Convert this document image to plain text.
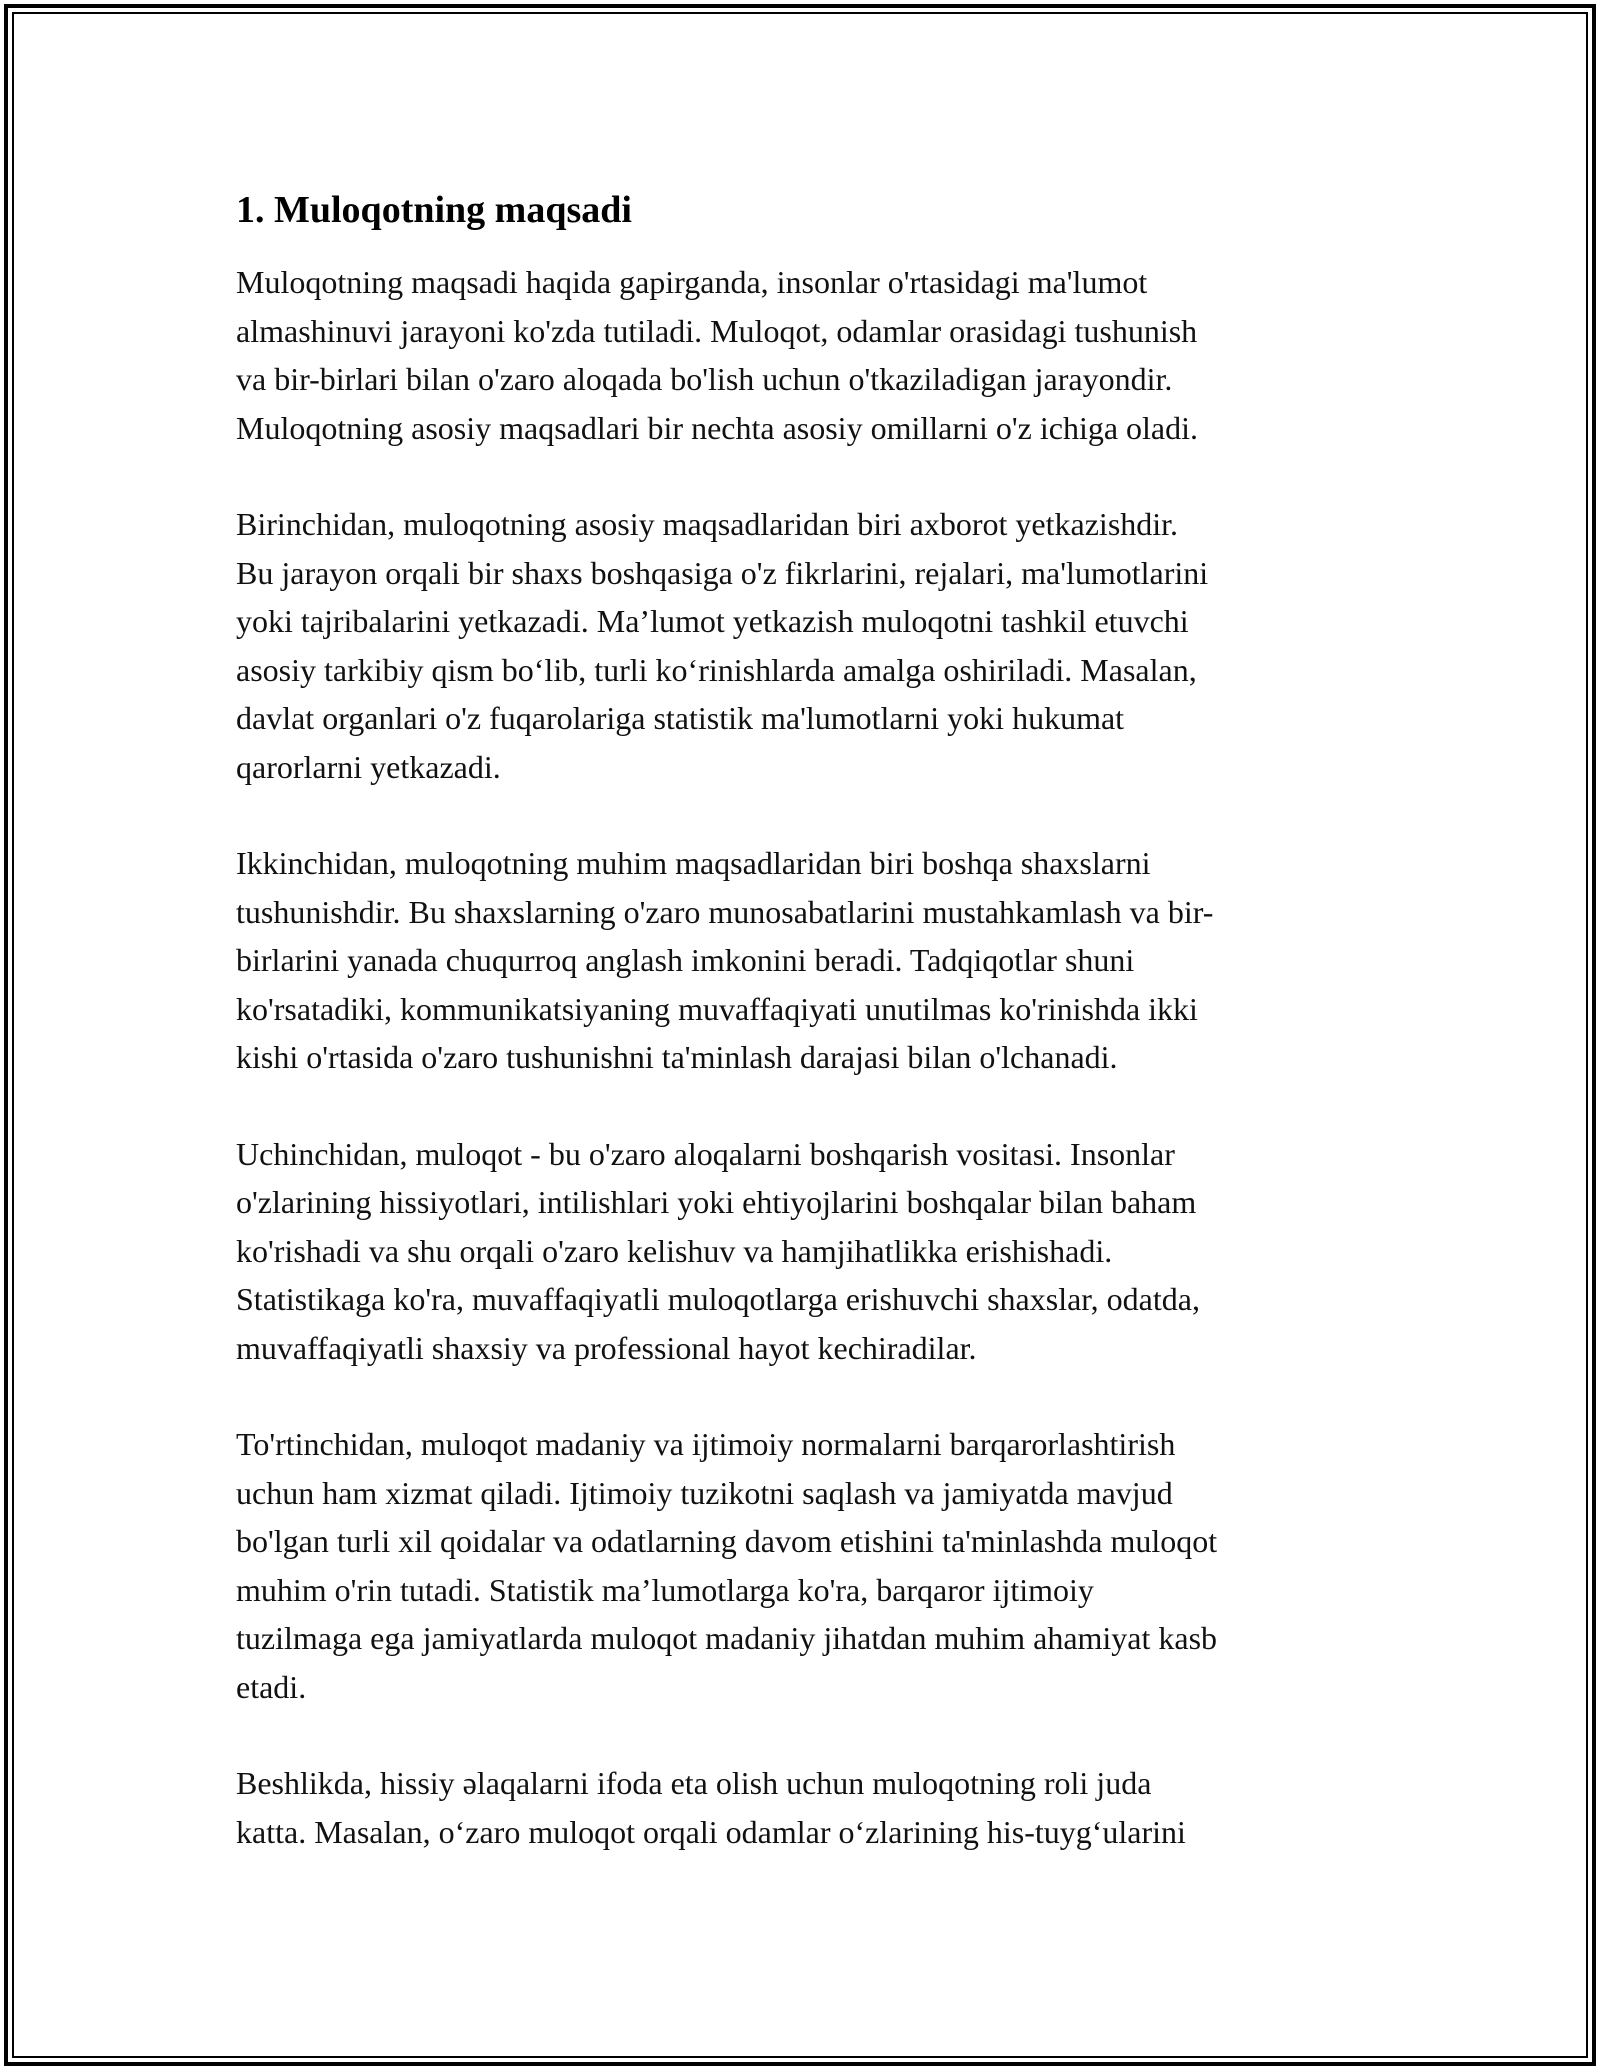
1. Muloqotning maqsadi

Muloqotning maqsadi haqida gapirganda, insonlar o'rtasidagi ma'lumot
almashinuvi jarayoni ko'zda tutiladi. Muloqot, odamlar orasidagi tushunish
va bir-birlari bilan o'zaro aloqada bo'lish uchun o'tkaziladigan jarayondir.
Muloqotning asosiy maqsadlari bir nechta asosiy omillarni o'z ichiga oladi.

Birinchidan, muloqotning asosiy maqsadlaridan biri axborot yetkazishdir.
Bu jarayon orqali bir shaxs boshqasiga o'z fikrlarini, rejalari, ma'lumotlarini
yoki tajribalarini yetkazadi. Ma’lumot yetkazish muloqotni tashkil etuvchi
asosiy tarkibiy qism bo‘lib, turli ko‘rinishlarda amalga oshiriladi. Masalan,
davlat organlari o'z fuqarolariga statistik ma'lumotlarni yoki hukumat
qarorlarni yetkazadi.

Ikkinchidan, muloqotning muhim maqsadlaridan biri boshqa shaxslarni
tushunishdir. Bu shaxslarning o'zaro munosabatlarini mustahkamlash va bir-
birlarini yanada chuqurroq anglash imkonini beradi. Tadqiqotlar shuni
ko'rsatadiki, kommunikatsiyaning muvaffaqiyati unutilmas ko'rinishda ikki
kishi o'rtasida o'zaro tushunishni ta'minlash darajasi bilan o'lchanadi.

Uchinchidan, muloqot - bu o'zaro aloqalarni boshqarish vositasi. Insonlar
o'zlarining hissiyotlari, intilishlari yoki ehtiyojlarini boshqalar bilan baham
ko'rishadi va shu orqali o'zaro kelishuv va hamjihatlikka erishishadi.
Statistikaga ko'ra, muvaffaqiyatli muloqotlarga erishuvchi shaxslar, odatda,
muvaffaqiyatli shaxsiy va professional hayot kechiradilar.

To'rtinchidan, muloqot madaniy va ijtimoiy normalarni barqarorlashtirish
uchun ham xizmat qiladi. Ijtimoiy tuzikotni saqlash va jamiyatda mavjud
bo'lgan turli xil qoidalar va odatlarning davom etishini ta'minlashda muloqot
muhim o'rin tutadi. Statistik ma’lumotlarga ko'ra, barqaror ijtimoiy
tuzilmaga ega jamiyatlarda muloqot madaniy jihatdan muhim ahamiyat kasb
etadi.

Beshlikda, hissiy əlaqalarni ifoda eta olish uchun muloqotning roli juda
katta. Masalan, o‘zaro muloqot orqali odamlar o‘zlarining his-tuyg‘ularini
